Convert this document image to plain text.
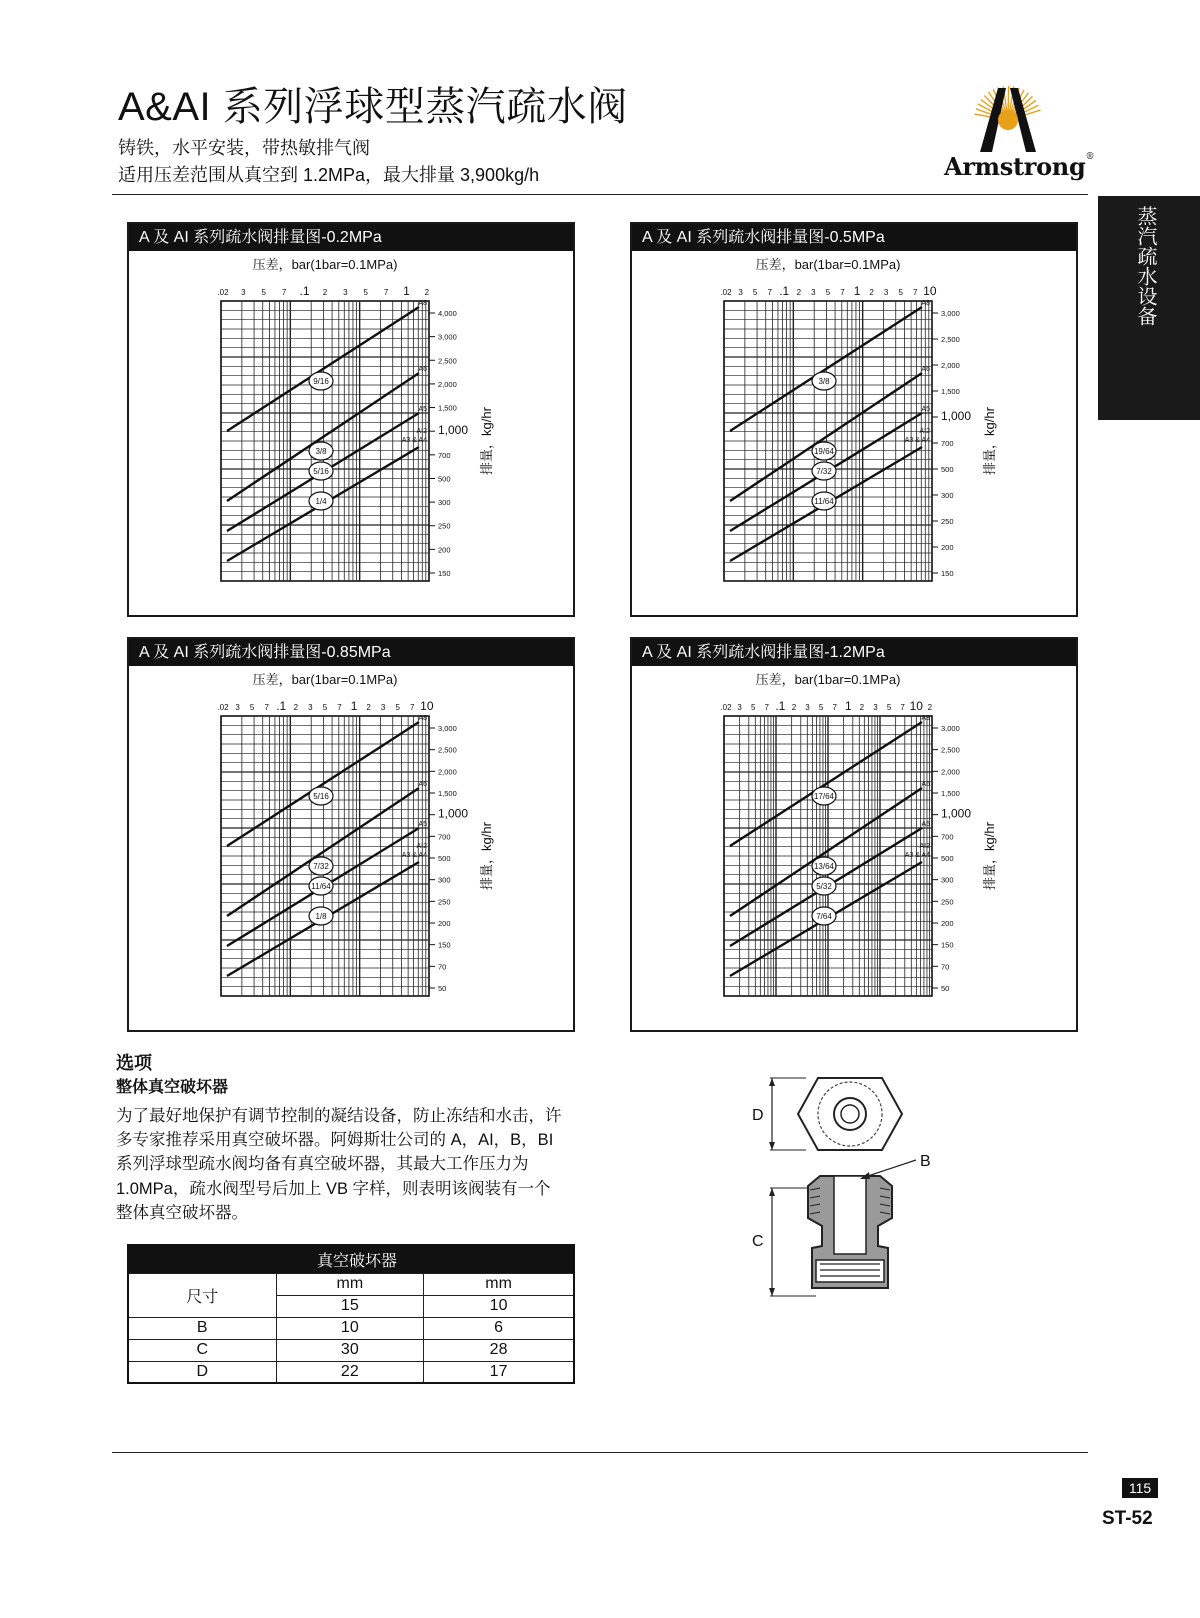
A&AI 系列浮球型蒸汽疏水阀
铸铁，水平安装，带热敏排气阀
适用压差范围从真空到 1.2MPa，最大排量 3,900kg/h	Armstrong®
蒸汽疏水设备
A 及 AI 系列疏水阀排量图-0.2MPa
压差，bar(1bar=0.1MPa)
.02 3 5 7 .1 2 3 5 7 1 2
4,000
3,000
2,500
2,000
1,500
1,000
700
500
300
250
200
150
排量，kg/hr
A8
A6
A5
AI2
A3 & A4
9/16
3/8
5/16
1/4
A 及 AI 系列疏水阀排量图-0.5MPa
压差，bar(1bar=0.1MPa)
.02 3 5 7 .1 2 3 5 7 1 2 3 5 7 10
3,000
2,500
2,000
1,500
1,000
700
500
300
250
200
150
排量，kg/hr
A8
A6
A5
AI2
A3 & A4
3/8
19/64
7/32
11/64
A 及 AI 系列疏水阀排量图-0.85MPa
压差，bar(1bar=0.1MPa)
.02 3 5 7 .1 2 3 5 7 1 2 3 5 7 10
3,000
2,500
2,000
1,500
1,000
700
500
300
250
200
150
70
50
排量，kg/hr
A8
A6
A5
AI2
A3 & A4
5/16
7/32
11/64
1/8
A 及 AI 系列疏水阀排量图-1.2MPa
压差，bar(1bar=0.1MPa)
.02 3 5 7 .1 2 3 5 7 1 2 3 5 7 10 2
3,000
2,500
2,000
1,500
1,000
700
500
300
250
200
150
70
50
排量，kg/hr
A8
A6
A5
AI2
A3 & A4
17/64
13/64
5/32
7/64
选项
整体真空破坏器
为了最好地保护有调节控制的凝结设备，防止冻结和水击，许
多专家推荐采用真空破坏器。阿姆斯壮公司的 A，AI，B，BI
系列浮球型疏水阀均备有真空破坏器，其最大工作压力为
1.0MPa，疏水阀型号后加上 VB 字样，则表明该阀装有一个
整体真空破坏器。
真空破坏器		
尺寸	mm	mm
	15	10
B	10	6
C	30	28
D	22	17
D
B
C
115
ST-52
